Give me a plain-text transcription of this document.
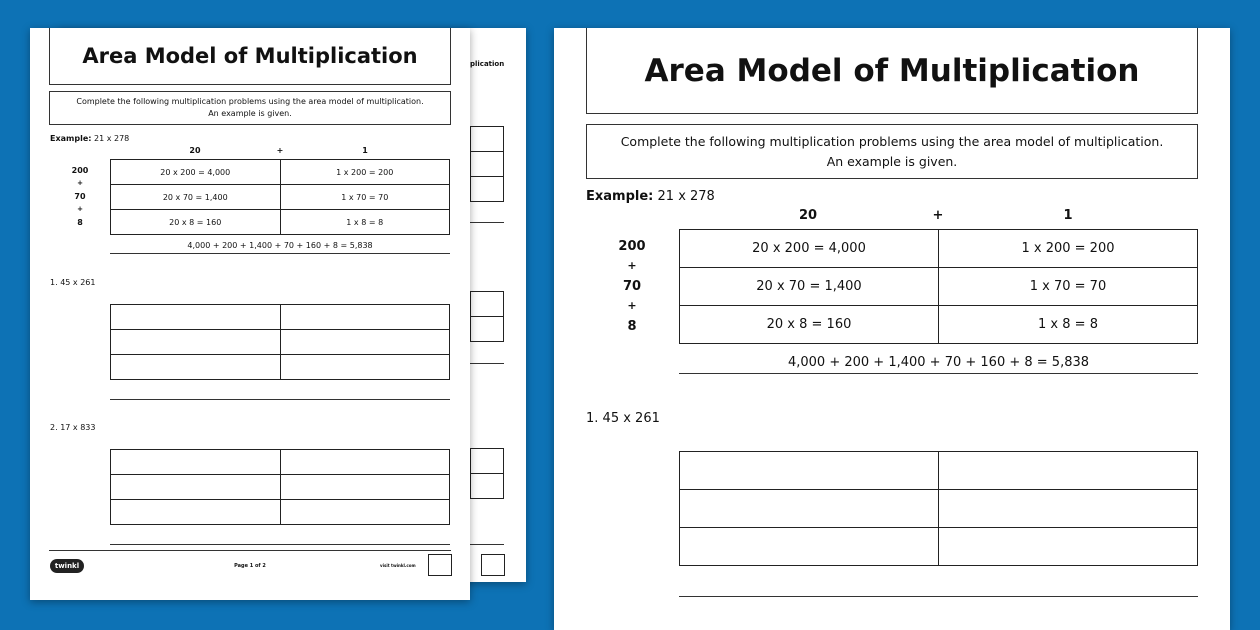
plication

Area Model of Multiplication
Complete the following multiplication problems using the area model of multiplication.
An example is given.
Example: 21 x 278
20	+	1
200
+
70
+
8
20 x 200 = 4,000	1 x 200 = 200
20 x 70 = 1,400	1 x 70 = 70
20 x 8 = 160	1 x 8 = 8
4,000 + 200 + 1,400 + 70 + 160 + 8 = 5,838
1. 45 x 261

2. 17 x 833

twinkl	Page 1 of 2	visit twinkl.com
Area Model of Multiplication
Complete the following multiplication problems using the area model of multiplication.
An example is given.
Example: 21 x 278
20	+	1
200
+
70
+
8
20 x 200 = 4,000	1 x 200 = 200
20 x 70 = 1,400	1 x 70 = 70
20 x 8 = 160	1 x 8 = 8
4,000 + 200 + 1,400 + 70 + 160 + 8 = 5,838
1. 45 x 261
